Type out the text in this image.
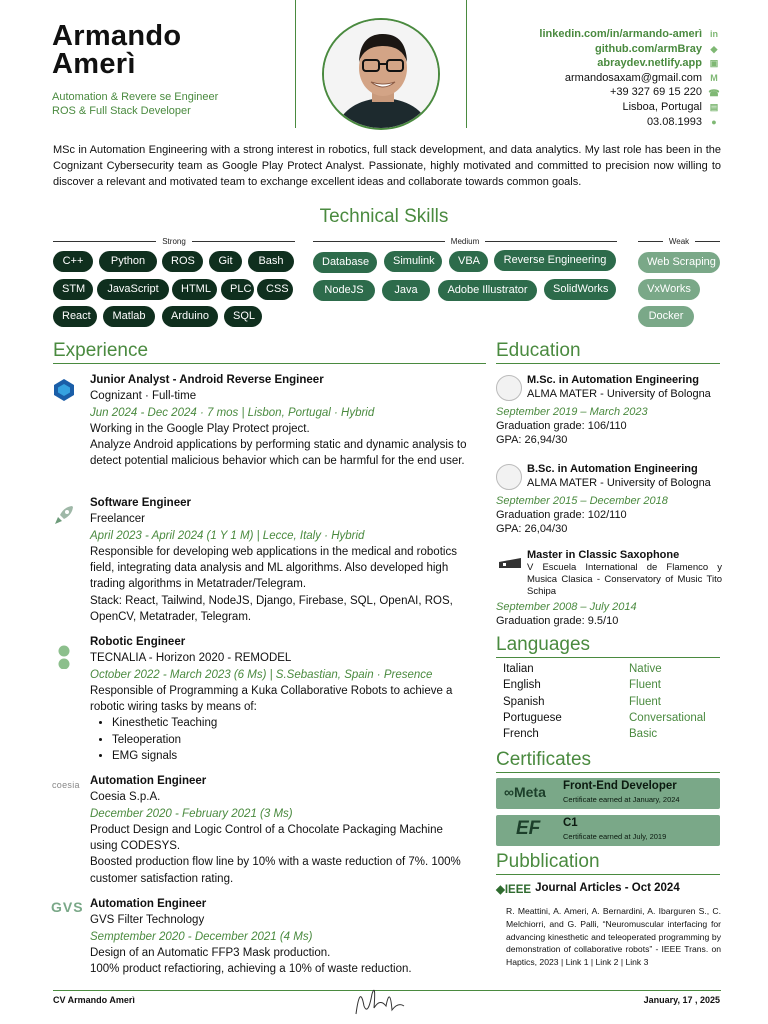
Armando
Amerì
Automation & Revere se Engineer
ROS & Full Stack Developer
linkedin.com/in/armando-amerì in
github.com/armBray ◆
abraydev.netlify.app ▣
armandosaxam@gmail.com M
+39 327 69 15 220 ☎
Lisboa, Portugal ▤
03.08.1993	●
MSc in Automation Engineering with a strong interest in robotics, full stack development, and data analytics. My last role has been in the Cognizant Cybersecurity team as Google Play Protect Analyst. Passionate, highly motivated and committed to precision now willing to discover a relevant and motivated team to exchange excellent ideas and collaborate towards common goals.
Technical Skills
Strong	Medium	Weak
C++	Python	ROS	Git	Bash
STM	JavaScript	HTML	PLC	CSS
React	Matlab	Arduino	SQL
Database	Simulink	VBA	Reverse Engineering
NodeJS	Java	Adobe Illustrator	SolidWorks
Web Scraping
VxWorks
Docker
Experience
coesia
GVS
Junior Analyst - Android Reverse Engineer
Cognizant · Full-time
Jun 2024 - Dec 2024 · 7 mos | Lisbon, Portugal · Hybrid
Working in the Google Play Protect project.
Analyze Android applications by performing static and dynamic analysis to detect potential malicious behavior which can be harmful for the end user.
Software Engineer
Freelancer
April 2023 - April 2024 (1 Y 1 M) | Lecce, Italy · Hybrid
Responsible for developing web applications in the medical and robotics field, integrating data analysis and ML algorithms. Also developed high trading algorithms in Metatrader/Telegram.
Stack: React, Tailwind, NodeJS, Django, Firebase, SQL, OpenAI, ROS, OpenCV, Metatrader, Telegram.
Robotic Engineer
TECNALIA - Horizon 2020 - REMODEL
October 2022 - March 2023 (6 Ms) | S.Sebastian, Spain · Presence
Responsible of Programming a Kuka Collaborative Robots to achieve a robotic wiring tasks by means of:
• Kinesthetic Teaching
• Teleoperation
• EMG signals
Automation Engineer
Coesia S.p.A.
December 2020 - February 2021 (3 Ms)
Product Design and Logic Control of a Chocolate Packaging Machine using CODESYS.
Boosted production flow line by 10% with a waste reduction of 7%. 100% customer satisfaction rating.
Automation Engineer
GVS Filter Technology
Semptember 2020 - December 2021 (4 Ms)
Design of an Automatic FFP3 Mask production.
100% product refactioring, achieving a 10% of waste reduction.
Education
M.Sc. in Automation Engineering
ALMA MATER - University of Bologna
September 2019 – March 2023
Graduation grade: 106/110
GPA: 26,94/30
B.Sc. in Automation Engineering
ALMA MATER - University of Bologna
September 2015 – December 2018
Graduation grade: 102/110
GPA: 26,04/30
Master in Classic Saxophone
V Escuela International de Flamenco y Musica Clasica - Conservatory of Music Tito Schipa
September 2008 – July 2014
Graduation grade: 9.5/10
Languages
Italian	Native
English	Fluent
Spanish	Fluent
Portuguese	Conversational
French	Basic
Certificates
∞Meta Front-End Developer
Certificate earned at January, 2024
EF C1
Certificate earned at July, 2019
Pubblication
◆IEEE Journal Articles - Oct 2024
R. Meattini, A. Ameri, A. Bernardini, A. Ibarguren S., C. Melchiorri, and G. Palli, “Neuromuscular interfacing for advancing kinesthetic and teleoperated programming by demonstration of collaborative robots” - IEEE Trans. on Haptics, 2023 | Link 1 | Link 2 | Link 3
CV Armando Amerì	January, 17 , 2025
